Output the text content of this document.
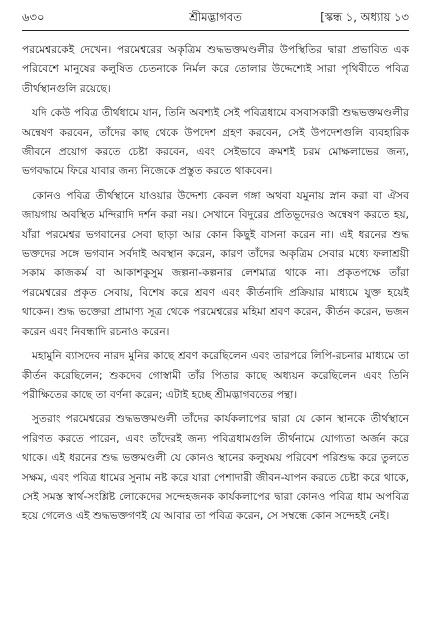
৬৩০	শ্রীমদ্ভাগবত	[স্কন্ধ ১, অধ্যায় ১৩

পরমেশ্বরকেই দেখেন। পরমেশ্বরের অকৃত্রিম শুদ্ধভক্তমণ্ডলীর উপস্থিতির দ্বারা প্রভাবিত এক পরিবেশে মানুষের কলুষিত চেতনাকে নির্মল করে তোলার উদ্দেশ্যেই সারা পৃথিবীতে পবিত্র তীর্থস্থানগুলি রয়েছে।

যদি কেউ পবিত্র তীর্থধামে যান, তিনি অবশ্যই সেই পবিত্রধামে বসবাসকারী শুদ্ধভক্তমণ্ডলীর অন্বেষণ করবেন, তাঁদের কাছ থেকে উপদেশ গ্রহণ করবেন, সেই উপদেশগুলি ব্যবহারিক জীবনে প্রয়োগ করতে চেষ্টা করবেন, এবং সেইভাবে ক্রমশই চরম মোক্ষলাভের জন্য, ভগবদ্ধামে ফিরে যাবার জন্য নিজেকে প্রস্তুত করতে থাকবেন।

কোনও পবিত্র তীর্থস্থানে যাওয়ার উদ্দেশ্য কেবল গঙ্গা অথবা যমুনায় স্নান করা বা ঐসব জায়গায় অবস্থিত মন্দিরাদি দর্শন করা নয়। সেখানে বিদুরের প্রতিভূদেরও অন্বেষণ করতে হয়, যাঁরা পরমেশ্বর ভগবানের সেবা ছাড়া আর কোন কিছুই বাসনা করেন না। এই ধরনের শুদ্ধ ভক্তদের সঙ্গে ভগবান সর্বদাই অবস্থান করেন, কারণ তাঁদের অকৃত্রিম সেবার মধ্যে ফলাশ্রয়ী সকাম কাজকর্ম বা আকাশকুসুম জল্পনা-কল্পনার লেশমাত্র থাকে না। প্রকৃতপক্ষে তাঁরা পরমেশ্বরের প্রকৃত সেবায়, বিশেষ করে শ্রবণ এবং কীর্তনাদি প্রক্রিয়ার মাধ্যমে যুক্ত হয়েই থাকেন। শুদ্ধ ভক্তেরা প্রামাণ্য সূত্র থেকে পরমেশ্বরের মহিমা শ্রবণ করেন, কীর্তন করেন, ভজন করেন এবং নিবন্ধাদি রচনাও করেন।

মহামুনি ব্যাসদেব নারদ মুনির কাছে শ্রবণ করেছিলেন এবং তারপরে লিপি-রচনার মাধ্যমে তা কীর্তন করেছিলেন; শুকদেব গোস্বামী তাঁর পিতার কাছে অধ্যয়ন করেছিলেন এবং তিনি পরীক্ষিতের কাছে তা বর্ণনা করেন; এটাই হচ্ছে শ্রীমদ্ভাগবতের পন্থা।

সুতরাং পরমেশ্বরের শুদ্ধভক্তমণ্ডলী তাঁদের কার্যকলাপের দ্বারা যে কোন স্থানকে তীর্থস্থানে পরিণত করতে পারেন, এবং তাঁদেরই জন্য পবিত্রধামগুলি তীর্থনামে যোগ্যতা অর্জন করে থাকে। এই ধরনের শুদ্ধ ভক্তমণ্ডলী যে কোনও স্থানের কলুষময় পরিবেশ পরিশুদ্ধ করে তুলতে সক্ষম, এবং পবিত্র ধামের সুনাম নষ্ট করে যারা পেশাদারী জীবন-যাপন করতে চেষ্টা করে থাকে, সেই সমস্ত স্বার্থ-সংশ্লিষ্ট লোকেদের সন্দেহজনক কার্যকলাপের দ্বারা কোনও পবিত্র ধাম অপবিত্র হয়ে গেলেও এই শুদ্ধভক্তগণই যে আবার তা পবিত্র করেন, সে সম্বন্ধে কোন সন্দেহই নেই।
